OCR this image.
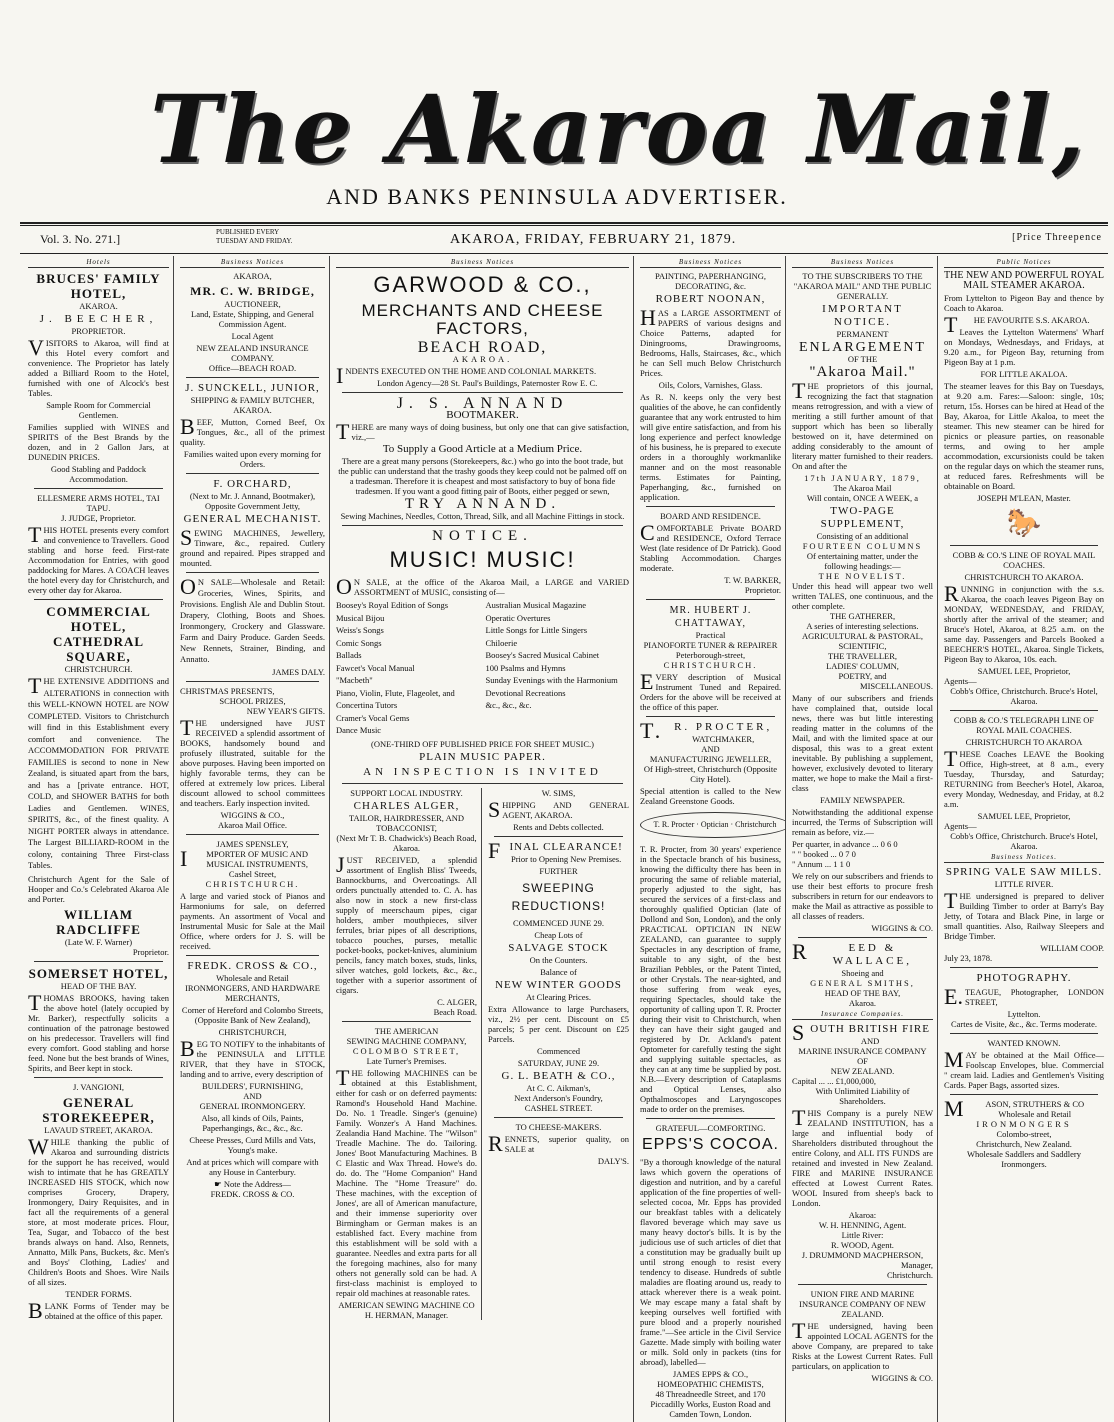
The Akaroa Mail,
AND BANKS PENINSULA ADVERTISER.
Vol. 3. No. 271.]	PUBLISHED EVERY TUESDAY AND FRIDAY.	AKAROA, FRIDAY, FEBRUARY 21, 1879.	[Price Threepence
Hotels
BRUCES' FAMILY HOTEL,
AKAROA.
J. BEECHER,
PROPRIETOR.
VISITORS to Akaroa, will find at this Hotel every comfort and convenience. The Proprietor has lately added a Billiard Room to the Hotel, furnished with one of Alcock's best Tables.
Sample Room for Commercial Gentlemen.
Families supplied with WINES and SPIRITS of the Best Brands by the dozen, and in 2 Gallon Jars, at DUNEDIN PRICES.
Good Stabling and Paddock Accommodation.
ELLESMERE ARMS HOTEL, TAI TAPU.
J. JUDGE, Proprietor.
THIS HOTEL presents every comfort and convenience to Travellers. Good stabling and horse feed. First-rate Accommodation for Entries, with good paddocking for Mares. A COACH leaves the hotel every day for Christchurch, and every other day for Akaroa.
COMMERCIAL HOTEL, CATHEDRAL SQUARE,
CHRISTCHURCH.
THE EXTENSIVE ADDITIONS and ALTERATIONS in connection with this WELL-KNOWN HOTEL are NOW COMPLETED. Visitors to Christchurch will find in this Establishment every comfort and convenience. The ACCOMMODATION FOR PRIVATE FAMILIES is second to none in New Zealand, is situated apart from the bars, and has a [private entrance. HOT, COLD, and SHOWER BATHS for both Ladies and Gentlemen. WINES, SPIRITS, &c., of the finest quality. A NIGHT PORTER always in attendance. The Largest BILLIARD-ROOM in the colony, containing Three First-class Tables.
Christchurch Agent for the Sale of Hooper and Co.'s Celebrated Akaroa Ale and Porter.
WILLIAM RADCLIFFE
(Late W. F. Warner)
Proprietor.
SOMERSET HOTEL,
HEAD OF THE BAY.
THOMAS BROOKS, having taken the above hotel (lately occupied by Mr. Barker), respectfully solicits a continuation of the patronage bestowed on his predecessor. Travellers will find every comfort. Good stabling and horse feed. None but the best brands of Wines, Spirits, and Beer kept in stock.
J. VANGIONI,
GENERAL STOREKEEPER,
LAVAUD STREET, AKAROA.
WHILE thanking the public of Akaroa and surrounding districts for the support he has received, would wish to intimate that he has GREATLY INCREASED HIS STOCK, which now comprises Grocery, Drapery, Ironmongery, Dairy Requisites, and in fact all the requirements of a general store, at most moderate prices. Flour, Tea, Sugar, and Tobacco of the best brands always on hand. Also, Rennets, Annatto, Milk Pans, Buckets, &c. Men's and Boys' Clothing, Ladies' and Children's Boots and Shoes. Wire Nails of all sizes.
TENDER FORMS.
BLANK Forms of Tender may be obtained at the office of this paper.
Business Notices
AKAROA,
MR. C. W. BRIDGE,
AUCTIONEER,
Land, Estate, Shipping, and General Commission Agent.
Local Agent
NEW ZEALAND INSURANCE COMPANY.
Office—BEACH ROAD.
J. SUNCKELL, JUNIOR,
SHIPPING & FAMILY BUTCHER, AKAROA.
BEEF, Mutton, Corned Beef, Ox Tongues, &c., all of the primest quality.
Families waited upon every morning for Orders.
F. ORCHARD,
(Next to Mr. J. Annand, Bootmaker), Opposite Government Jetty,
GENERAL MECHANIST.
SEWING MACHINES, Jewellery, Tinware, &c., repaired. Cutlery ground and repaired. Pipes strapped and mounted.
ON SALE—Wholesale and Retail: Groceries, Wines, Spirits, and Provisions. English Ale and Dublin Stout. Drapery, Clothing, Boots and Shoes. Ironmongery, Crockery and Glassware. Farm and Dairy Produce. Garden Seeds. New Rennets, Strainer, Binding, and Annatto.
JAMES DALY.
CHRISTMAS PRESENTS,
SCHOOL PRIZES,
NEW YEAR'S GIFTS.
THE undersigned have JUST RECEIVED a splendid assortment of BOOKS, handsomely bound and profusely illustrated, suitable for the above purposes. Having been imported on highly favorable terms, they can be offered at extremely low prices. Liberal discount allowed to school committees and teachers. Early inspection invited.
WIGGINS & CO.,
Akaroa Mail Office.
JAMES SPENSLEY,
IMPORTER OF MUSIC AND MUSICAL INSTRUMENTS,
Cashel Street,
CHRISTCHURCH.
A large and varied stock of Pianos and Harmoniums for sale, on deferred payments. An assortment of Vocal and Instrumental Music for Sale at the Mail Office, where orders for J. S. will be received.
FREDK. CROSS & CO.,
Wholesale and Retail
IRONMONGERS, AND HARDWARE MERCHANTS,
Corner of Hereford and Colombo Streets, (Opposite Bank of New Zealand),
CHRISTCHURCH,
BEG TO NOTIFY to the inhabitants of the PENINSULA and LITTLE RIVER, that they have in STOCK, landing and to arrive, every description of
BUILDERS', FURNISHING,
AND
GENERAL IRONMONGERY.
Also, all kinds of Oils, Paints, Paperhangings, &c., &c., &c.
Cheese Presses, Curd Mills and Vats, Young's make.
And at prices which will compare with any House in Canterbury.
☛ Note the Address—
FREDK. CROSS & CO.
Business Notices
GARWOOD & CO.,
MERCHANTS AND CHEESE FACTORS,
BEACH ROAD,
AKAROA.
INDENTS EXECUTED ON THE HOME AND COLONIAL MARKETS.
London Agency—28 St. Paul's Buildings, Paternoster Row E. C.
J. S. ANNAND
BOOTMAKER.
THERE are many ways of doing business, but only one that can give satisfaction, viz.,—
To Supply a Good Article at a Medium Price.
There are a great many persons (Storekeepers, &c.) who go into the boot trade, but the public can understand that the trashy goods they keep could not be palmed off on a tradesman. Therefore it is cheapest and most satisfactory to buy of bona fide tradesmen. If you want a good fitting pair of Boots, either pegged or sewn,
TRY ANNAND.
Sewing Machines, Needles, Cotton, Thread, Silk, and all Machine Fittings in stock.
NOTICE.
MUSIC! MUSIC!
ON SALE, at the office of the Akaroa Mail, a LARGE and VARIED ASSORTMENT of MUSIC, consisting of—
Boosey's Royal Edition of Songs
Musical Bijou
Weiss's Songs
Comic Songs
Ballads
Fawcet's Vocal Manual
"Macbeth"
Piano, Violin, Flute, Flageolet, and Concertina Tutors
Cramer's Vocal Gems
Dance Music
Australian Musical Magazine
Operatic Overtures
Little Songs for Little Singers
Chiloerie
Boosey's Sacred Musical Cabinet
100 Psalms and Hymns
Sunday Evenings with the Harmonium
Devotional Recreations
&c., &c., &c.
(ONE-THIRD OFF PUBLISHED PRICE FOR SHEET MUSIC.)
PLAIN MUSIC PAPER.
AN INSPECTION IS INVITED
SUPPORT LOCAL INDUSTRY.
CHARLES ALGER,
TAILOR, HAIRDRESSER, AND TOBACCONIST,
(Next Mr T. B. Chadwick's) Beach Road, Akaroa.
JUST RECEIVED, a splendid assortment of English Bliss' Tweeds, Bannockburns, and Overcoatings. All orders punctually attended to. C. A. has also now in stock a new first-class supply of meerschaum pipes, cigar holders, amber mouthpieces, silver ferrules, briar pipes of all descriptions, tobacco pouches, purses, metallic pocket-books, pocket-knives, aluminium pencils, fancy match boxes, studs, links, silver watches, gold lockets, &c., &c., together with a superior assortment of cigars.
C. ALGER,
Beach Road.
THE AMERICAN
SEWING MACHINE COMPANY,
COLOMBO STREET,
Late Turner's Premises.
THE following MACHINES can be obtained at this Establishment, either for cash or on deferred payments: Ramond's Household Hand Machine. Do. No. 1 Treadle. Singer's (genuine) Family. Wonzer's A Hand Machines. Zealandia Hand Machine. The "Wilson" Treadle Machine. The do. Tailoring. Jones' Boot Manufacturing Machines. B C Elastic and Wax Thread. Howe's do. do. do. The "Home Companion" Hand Machine. The "Home Treasure" do. These machines, with the exception of Jones', are all of American manufacture, and their immense superiority over Birmingham or German makes is an established fact. Every machine from this establishment will be sold with a guarantee. Needles and extra parts for all the foregoing machines, also for many others not generally sold can be had. A first-class machinist is employed to repair old machines at reasonable rates.
AMERICAN SEWING MACHINE CO
H. HERMAN, Manager.
W. SIMS,
SHIPPING AND GENERAL AGENT, AKAROA.
Rents and Debts collected.
FINAL CLEARANCE!
Prior to Opening New Premises.
FURTHER
SWEEPING REDUCTIONS!
COMMENCED JUNE 29.
Cheap Lots of
SALVAGE STOCK
On the Counters.
Balance of
NEW WINTER GOODS
At Clearing Prices.
Extra Allowance to large Purchasers, viz., 2½ per cent. Discount on £5 parcels; 5 per cent. Discount on £25 Parcels.
Commenced
SATURDAY, JUNE 29.
G. L. BEATH & CO.,
At C. C. Aikman's,
Next Anderson's Foundry,
CASHEL STREET.
TO CHEESE-MAKERS.
RENNETS, superior quality, on SALE at
DALY'S.
Business Notices
PAINTING, PAPERHANGING, DECORATING, &c.
ROBERT NOONAN,
HAS a LARGE ASSORTMENT of PAPERS of various designs and Choice Patterns, adapted for Diningrooms, Drawingrooms, Bedrooms, Halls, Staircases, &c., which he can Sell much Below Christchurch Prices.
Oils, Colors, Varnishes, Glass.
As R. N. keeps only the very best qualities of the above, he can confidently guarantee that any work entrusted to him will give entire satisfaction, and from his long experience and perfect knowledge of his business, he is prepared to execute orders in a thoroughly workmanlike manner and on the most reasonable terms. Estimates for Painting, Paperhanging, &c., furnished on application.
BOARD AND RESIDENCE.
COMFORTABLE Private BOARD and RESIDENCE, Oxford Terrace West (late residence of Dr Patrick). Good Stabling Accommodation. Charges moderate.
T. W. BARKER,
Proprietor.
MR. HUBERT J. CHATTAWAY,
Practical
PIANOFORTE TUNER & REPAIRER
Peterborough-street,
CHRISTCHURCH.
EVERY description of Musical Instrument Tuned and Repaired. Orders for the above will be received at the office of this paper.
T.R. PROCTER,
WATCHMAKER,
AND
MANUFACTURING JEWELLER,
Of High-street, Christchurch (Opposite City Hotel).
Special attention is called to the New Zealand Greenstone Goods.
T. R. Procter · Optician · Christchurch
T. R. Procter, from 30 years' experience in the Spectacle branch of his business, knowing the difficulty there has been in procuring the same of reliable material, properly adjusted to the sight, has secured the services of a first-class and thoroughly qualified Optician (late of Dollond and Son, London), and the only PRACTICAL OPTICIAN IN NEW ZEALAND, can guarantee to supply Spectacles in any description of frame, suitable to any sight, of the best Brazilian Pebbles, or the Patent Tinted, or other Crystals. The near-sighted, and those suffering from weak eyes, requiring Spectacles, should take the opportunity of calling upon T. R. Procter during their visit to Christchurch, when they can have their sight gauged and registered by Dr. Ackland's patent Optometer for carefully testing the sight and supplying suitable spectacles, as they can at any time be supplied by post. N.B.—Every description of Cataplasms and Optical Lenses, also Opthalmoscopes and Laryngoscopes made to order on the premises.
GRATEFUL—COMFORTING.
EPPS'S COCOA.
"By a thorough knowledge of the natural laws which govern the operations of digestion and nutrition, and by a careful application of the fine properties of well-selected cocoa, Mr. Epps has provided our breakfast tables with a delicately flavored beverage which may save us many heavy doctor's bills. It is by the judicious use of such articles of diet that a constitution may be gradually built up until strong enough to resist every tendency to disease. Hundreds of subtle maladies are floating around us, ready to attack wherever there is a weak point. We may escape many a fatal shaft by keeping ourselves well fortified with pure blood and a properly nourished frame."—See article in the Civil Service Gazette. Made simply with boiling water or milk. Sold only in packets (tins for abroad), labelled—
JAMES EPPS & CO.,
HOMEOPATHIC CHEMISTS,
48 Threadneedle Street, and 170 Piccadilly Works, Euston Road and Camden Town, London.
Business Notices
TO THE SUBSCRIBERS TO THE "AKAROA MAIL" AND THE PUBLIC GENERALLY.
IMPORTANT NOTICE.
PERMANENT
ENLARGEMENT
OF THE
"Akaroa Mail."
THE proprietors of this journal, recognizing the fact that stagnation means retrogression, and with a view of meriting a still further amount of that support which has been so liberally bestowed on it, have determined on adding considerably to the amount of literary matter furnished to their readers. On and after the
17th JANUARY, 1879,
The Akaroa Mail
Will contain, ONCE A WEEK, a
TWO-PAGE SUPPLEMENT,
Consisting of an additional
FOURTEEN COLUMNS
Of entertaining matter, under the following headings:—
THE NOVELIST.
Under this head will appear two well written TALES, one continuous, and the other complete.
THE GATHERER,
A series of interesting selections.
AGRICULTURAL & PASTORAL, SCIENTIFIC,
THE TRAVELLER,
LADIES' COLUMN,
POETRY, and
MISCELLANEOUS.
Many of our subscribers and friends have complained that, outside local news, there was but little interesting reading matter in the columns of the Mail, and with the limited space at our disposal, this was to a great extent inevitable. By publishing a supplement, however, exclusively devoted to literary matter, we hope to make the Mail a first-class
FAMILY NEWSPAPER.
Notwithstanding the additional expense incurred, the Terms of Subscription will remain as before, viz.—
Per quarter, in advance ... 0 6 0
" " booked ... 0 7 0
" Annum ... 1 1 0
We rely on our subscribers and friends to use their best efforts to procure fresh subscribers in return for our endeavors to make the Mail as attractive as possible to all classes of readers.
WIGGINS & CO.
REED & WALLACE,
Shoeing and
GENERAL SMITHS,
HEAD OF THE BAY,
Akaroa.
Insurance Companies.
SOUTH BRITISH FIRE
AND
MARINE INSURANCE COMPANY
OF
NEW ZEALAND.
Capital ... ... £1,000,000,
With Unlimited Liability of Shareholders.
THIS Company is a purely NEW ZEALAND INSTITUTION, has a large and influential body of Shareholders distributed throughout the entire Colony, and ALL ITS FUNDS are retained and invested in New Zealand. FIRE and MARINE INSURANCE effected at Lowest Current Rates. WOOL Insured from sheep's back to London.
Akaroa:
W. H. HENNING, Agent.
Little River:
R. WOOD, Agent.
J. DRUMMOND MACPHERSON,
Manager,
Christchurch.
UNION FIRE AND MARINE INSURANCE COMPANY OF NEW ZEALAND.
THE undersigned, having been appointed LOCAL AGENTS for the above Company, are prepared to take Risks at the Lowest Current Rates. Full particulars, on application to
WIGGINS & CO.
Public Notices
THE NEW AND POWERFUL ROYAL MAIL STEAMER AKAROA.
From Lyttelton to Pigeon Bay and thence by Coach to Akaroa.
THE FAVOURITE S.S. AKAROA.
Leaves the Lyttelton Watermens' Wharf on Mondays, Wednesdays, and Fridays, at 9.20 a.m., for Pigeon Bay, returning from Pigeon Bay at 1 p.m.
FOR LITTLE AKALOA.
The steamer leaves for this Bay on Tuesdays, at 9.20 a.m. Fares:—Saloon: single, 10s; return, 15s. Horses can be hired at Head of the Bay, Akaroa, for Little Akaloa, to meet the steamer. This new steamer can be hired for picnics or pleasure parties, on reasonable terms, and owing to her ample accommodation, excursionists could be taken on the regular days on which the steamer runs, at reduced fares. Refreshments will be obtainable on Board.
JOSEPH M'LEAN, Master.
🐎
COBB & CO.'S LINE OF ROYAL MAIL COACHES.
CHRISTCHURCH TO AKAROA.
RUNNING in conjunction with the s.s. Akaroa, the coach leaves Pigeon Bay on MONDAY, WEDNESDAY, and FRIDAY, shortly after the arrival of the steamer; and Bruce's Hotel, Akaroa, at 8.25 a.m. on the same day. Passengers and Parcels Booked a BEECHER'S HOTEL, Akaroa. Single Tickets, Pigeon Bay to Akaroa, 10s. each.
SAMUEL LEE, Proprietor,
Agents—
Cobb's Office, Christchurch. Bruce's Hotel, Akaroa.
COBB & CO.'S TELEGRAPH LINE OF ROYAL MAIL COACHES.
CHRISTCHURCH TO AKAROA
THESE Coaches LEAVE the Booking Office, High-street, at 8 a.m., every Tuesday, Thursday, and Saturday; RETURNING from Beecher's Hotel, Akaroa, every Monday, Wednesday, and Friday, at 8.2 a.m.
SAMUEL LEE, Proprietor,
Agents—
Cobb's Office, Christchurch. Bruce's Hotel, Akaroa.
Business Notices.
SPRING VALE SAW MILLS.
LITTLE RIVER.
THE undersigned is prepared to deliver Building Timber to order at Barry's Bay Jetty, of Totara and Black Pine, in large or small quantities. Also, Railway Sleepers and Bridge Timber.
WILLIAM COOP.
July 23, 1878.
PHOTOGRAPHY.
E.TEAGUE, Photographer, LONDON STREET,
Lyttelton.
Cartes de Visite, &c., &c. Terms moderate.
WANTED KNOWN.
MAY be obtained at the Mail Office— Foolscap Envelopes, blue. Commercial " cream laid. Ladies and Gentlemen's Visiting Cards. Paper Bags, assorted sizes.
MASON, STRUTHERS & CO
Wholesale and Retail
IRONMONGERS
Colombo-street,
Christchurch, New Zealand.
Wholesale Saddlers and Saddlery Ironmongers.
